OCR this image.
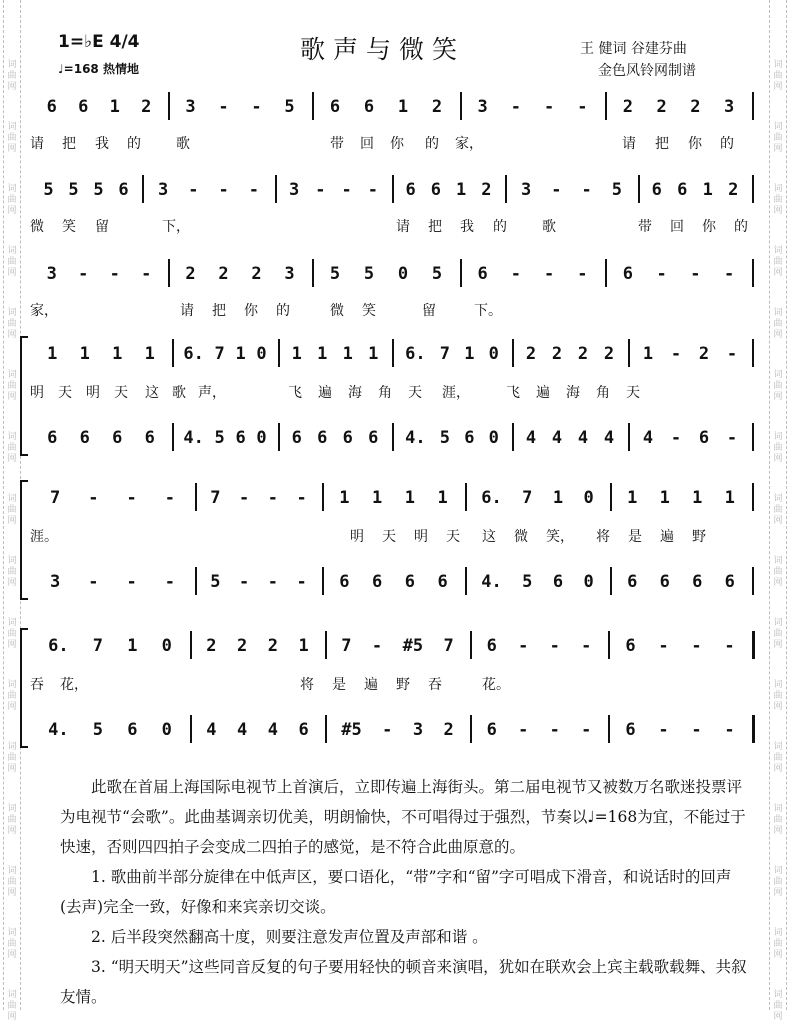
词
曲
网
词
曲
网
词
曲
网
词
曲
网
词
曲
网
词
曲
网
词
曲
网
词
曲
网
词
曲
网
词
曲
网
词
曲
网
词
曲
网
词
曲
网
词
曲
网
词
曲
网
词
曲
网
词
曲
网
词
曲
网
词
曲
网
词
曲
网
词
曲
网
词
曲
网
词
曲
网
词
曲
网
词
曲
网
词
曲
网
词
曲
网
词
曲
网
词
曲
网
词
曲
网
词
曲
网
词
曲
网
1=♭E 4/4
♩=168 热情地
歌声与微笑	王 健词 谷建芬曲
金色风铃网制谱
6 6 1 2 3 - - 5 6 6 1 2 3 - - - 2 2 2 3
请 把 我 的	歌	带 回 你 的 家，	请 把 你 的
5 5 5 6 3 - - - 3 - - - 6 6 1 2 3 - - 5 6 6 1 2
微 笑 留	下，	请 把 我 的	歌	带 回 你 的
3 - - - 2 2 2 3 5 5 0 5 6 - - - 6 - - -
家，	请 把 你 的	微 笑	留	下。
1 1 1 1 6. 7 1 0 1 1 1 1 6. 7 1 0 2 2 2 2 1 - 2 -
6 6 6 6 4. 5 6 0 6 6 6 6 4. 5 6 0 4 4 4 4 4 - 6 -
明 天 明 天 这 歌 声，	飞 遍 海 角 天 涯，	飞 遍 海 角 天
7 - - - 7 - - - 1 1 1 1 6. 7 1 0 1 1 1 1
3 - - - 5 - - - 6 6 6 6 4. 5 6 0 6 6 6 6
涯。	明 天 明 天 这 微 笑， 将 是 遍 野
6. 7 1 0 2 2 2 1 7 - #5 7 6 - - - 6 - - -
4. 5 6 0 4 4 4 6 #5 - 3 2 6 - - - 6 - - -
吞 花，	将 是 遍 野 吞	花。

此歌在首届上海国际电视节上首演后，立即传遍上海街头。第二届电视节又被数万名歌迷投票评为电视节“会歌”。此曲基调亲切优美，明朗愉快，不可唱得过于强烈，节奏以♩=168为宜，不能过于快速，否则四四拍子会变成二四拍子的感觉，是不符合此曲原意的。

1. 歌曲前半部分旋律在中低声区，要口语化，“带”字和“留”字可唱成下滑音，和说话时的回声(去声)完全一致，好像和来宾亲切交谈。

2. 后半段突然翻高十度，则要注意发声位置及声部和谐 。

3. “明天明天”这些同音反复的句子要用轻快的顿音来演唱，犹如在联欢会上宾主载歌载舞、共叙友情。
